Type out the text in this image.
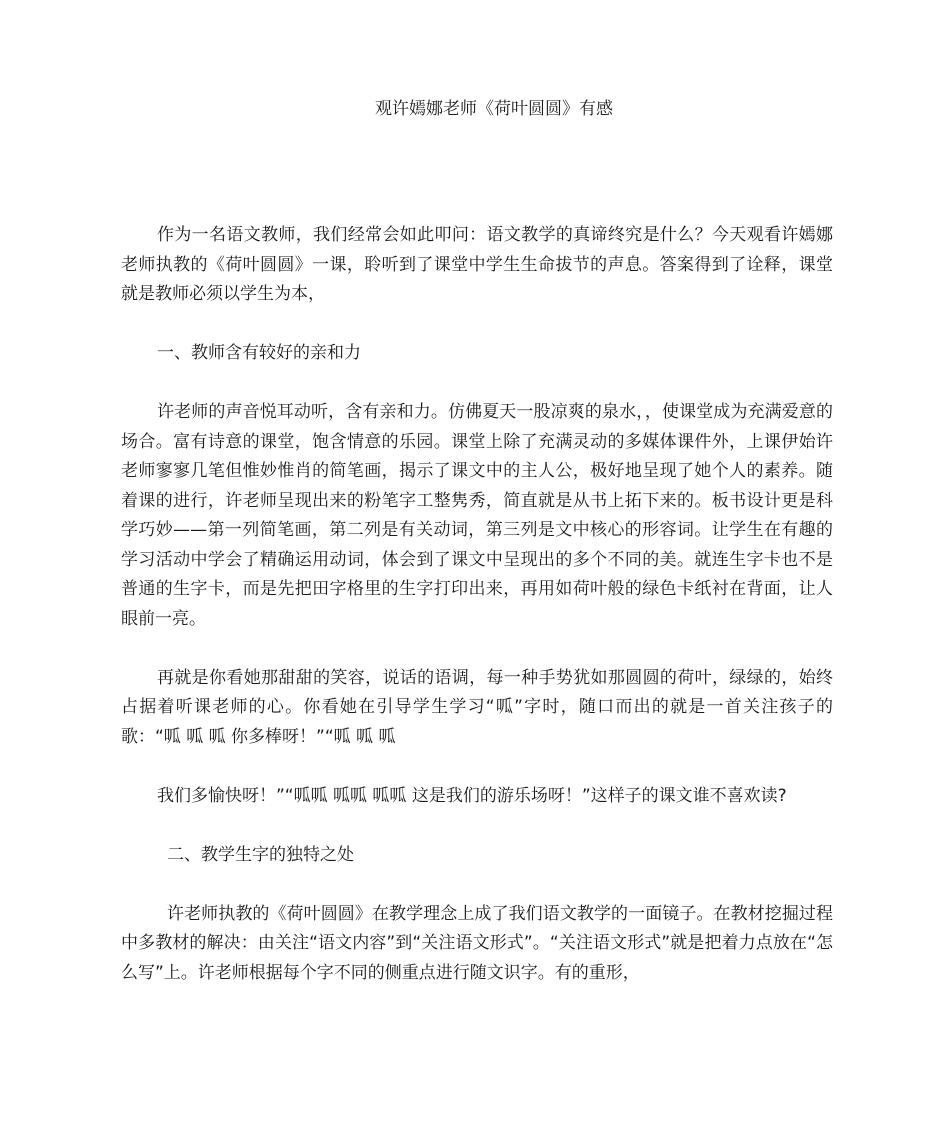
观许嫣娜老师《荷叶圆圆》有感

作为一名语文教师，我们经常会如此叩问：语文教学的真谛终究是什么？今天观看许嫣娜老师执教的《荷叶圆圆》一课，聆听到了课堂中学生生命拔节的声息。答案得到了诠释，课堂就是教师必须以学生为本，

一、教师含有较好的亲和力

许老师的声音悦耳动听，含有亲和力。仿佛夏天一股凉爽的泉水，，使课堂成为充满爱意的场合。富有诗意的课堂，饱含情意的乐园。课堂上除了充满灵动的多媒体课件外，上课伊始许老师寥寥几笔但惟妙惟肖的简笔画，揭示了课文中的主人公，极好地呈现了她个人的素养。随着课的进行，许老师呈现出来的粉笔字工整隽秀，简直就是从书上拓下来的。板书设计更是科学巧妙——第一列简笔画，第二列是有关动词，第三列是文中核心的形容词。让学生在有趣的学习活动中学会了精确运用动词，体会到了课文中呈现出的多个不同的美。就连生字卡也不是普通的生字卡，而是先把田字格里的生字打印出来，再用如荷叶般的绿色卡纸衬在背面，让人眼前一亮。

再就是你看她那甜甜的笑容，说话的语调，每一种手势犹如那圆圆的荷叶，绿绿的，始终占据着听课老师的心。你看她在引导学生学习“呱”字时，随口而出的就是一首关注孩子的歌：“呱 呱 呱 你多棒呀！”“呱 呱 呱

我们多愉快呀！”“呱呱 呱呱 呱呱 这是我们的游乐场呀！”这样子的课文谁不喜欢读?

二、教学生字的独特之处

许老师执教的《荷叶圆圆》在教学理念上成了我们语文教学的一面镜子。在教材挖掘过程中多教材的解决：由关注“语文内容”到“关注语文形式”。“关注语文形式”就是把着力点放在“怎么写”上。许老师根据每个字不同的侧重点进行随文识字。有的重形，
